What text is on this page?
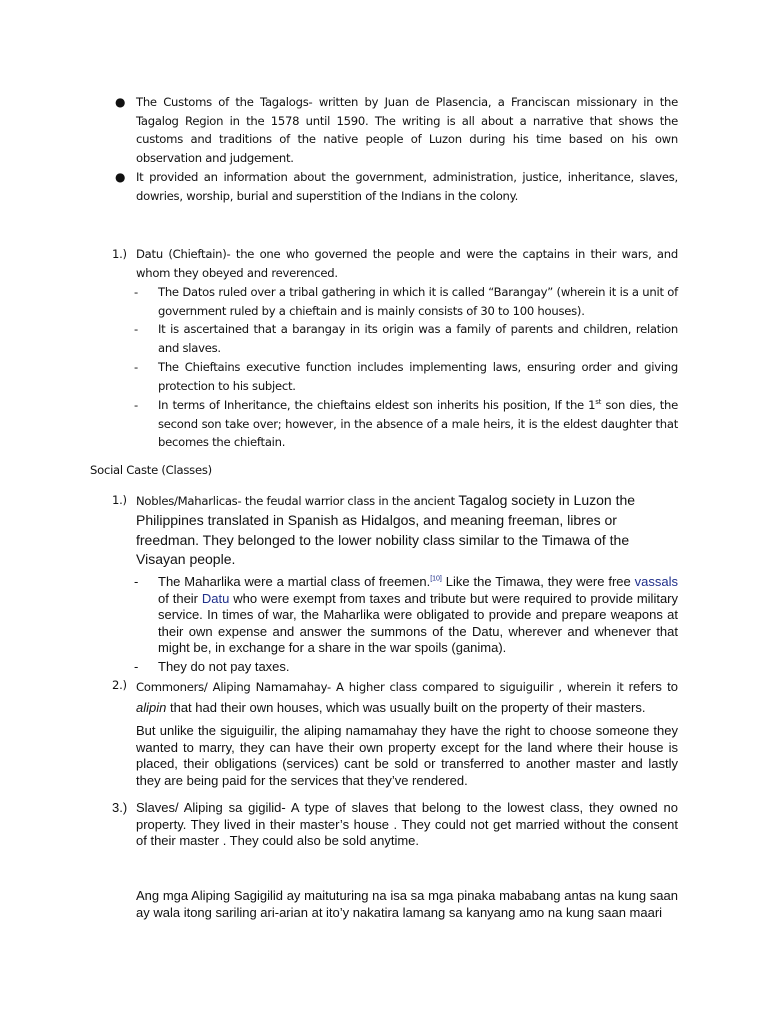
● The Customs of the Tagalogs- written by Juan de Plasencia, a Franciscan missionary in the Tagalog Region in the 1578 until 1590. The writing is all about a narrative that shows the customs and traditions of the native people of Luzon during his time based on his own observation and judgement.
● It provided an information about the government, administration, justice, inheritance, slaves, dowries, worship, burial and superstition of the Indians in the colony.
1.) Datu (Chieftain)- the one who governed the people and were the captains in their wars, and whom they obeyed and reverenced.
- The Datos ruled over a tribal gathering in which it is called “Barangay” (wherein it is a unit of government ruled by a chieftain and is mainly consists of 30 to 100 houses).
- It is ascertained that a barangay in its origin was a family of parents and children, relation and slaves.
- The Chieftains executive function includes implementing laws, ensuring order and giving protection to his subject.
- In terms of Inheritance, the chieftains eldest son inherits his position, If the 1st son dies, the second son take over; however, in the absence of a male heirs, it is the eldest daughter that becomes the chieftain.
Social Caste (Classes)
1.) Nobles/Maharlicas- the feudal warrior class in the ancient Tagalog society in Luzon the Philippines translated in Spanish as Hidalgos, and meaning freeman, libres or freedman. They belonged to the lower nobility class similar to the Timawa of the Visayan people.
- The Maharlika were a martial class of freemen.[10] Like the Timawa, they were free vassals of their Datu who were exempt from taxes and tribute but were required to provide military service. In times of war, the Maharlika were obligated to provide and prepare weapons at their own expense and answer the summons of the Datu, wherever and whenever that might be, in exchange for a share in the war spoils (ganima).
- They do not pay taxes.
2.) Commoners/ Aliping Namamahay- A higher class compared to siguiguilir , wherein it refers to alipin that had their own houses, which was usually built on the property of their masters.
But unlike the siguiguilir, the aliping namamahay they have the right to choose someone they wanted to marry, they can have their own property except for the land where their house is placed, their obligations (services) cant be sold or transferred to another master and lastly they are being paid for the services that they’ve rendered.
3.) Slaves/ Aliping sa gigilid- A type of slaves that belong to the lowest class, they owned no property. They lived in their master’s house . They could not get married without the consent of their master . They could also be sold anytime.
Ang mga Aliping Sagigilid ay maituturing na isa sa mga pinaka mababang antas na kung saan ay wala itong sariling ari-arian at ito’y nakatira lamang sa kanyang amo na kung saan maari
